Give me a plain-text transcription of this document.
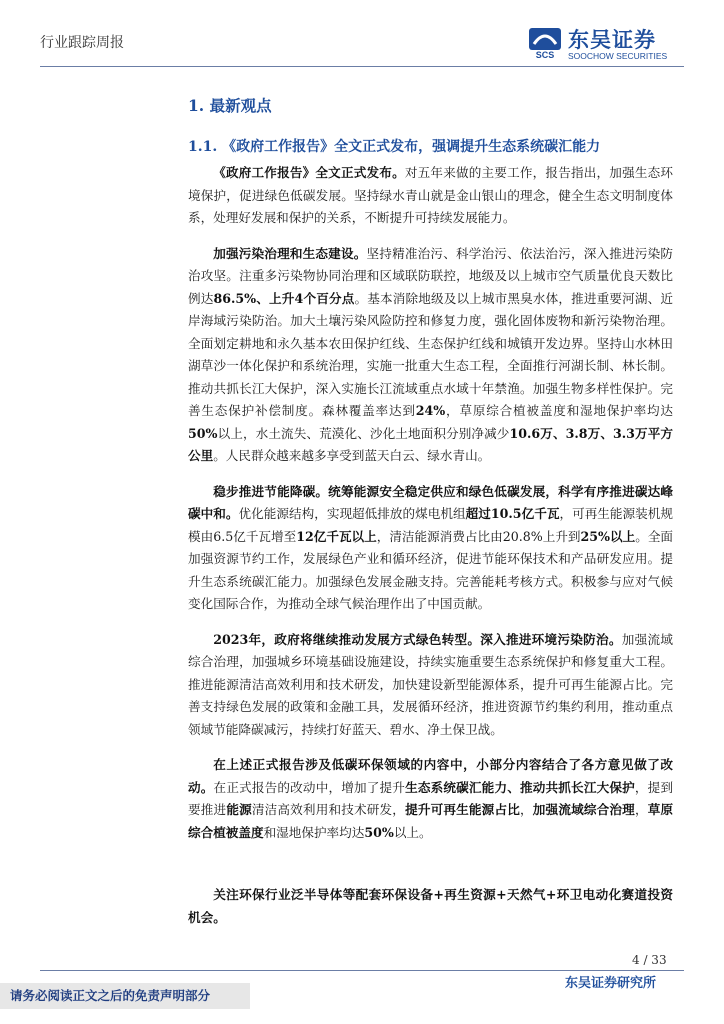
行业跟踪周报
SCS
东吴证券
SOOCHOW SECURITIES
1. 最新观点
1.1. 《政府工作报告》全文正式发布，强调提升生态系统碳汇能力

《政府工作报告》全文正式发布。对五年来做的主要工作，报告指出，加强生态环境保护，促进绿色低碳发展。坚持绿水青山就是金山银山的理念，健全生态文明制度体系，处理好发展和保护的关系，不断提升可持续发展能力。

加强污染治理和生态建设。坚持精准治污、科学治污、依法治污，深入推进污染防治攻坚。注重多污染物协同治理和区域联防联控，地级及以上城市空气质量优良天数比例达86.5%、上升4个百分点。基本消除地级及以上城市黑臭水体，推进重要河湖、近岸海域污染防治。加大土壤污染风险防控和修复力度，强化固体废物和新污染物治理。全面划定耕地和永久基本农田保护红线、生态保护红线和城镇开发边界。坚持山水林田湖草沙一体化保护和系统治理，实施一批重大生态工程，全面推行河湖长制、林长制。推动共抓长江大保护，深入实施长江流域重点水域十年禁渔。加强生物多样性保护。完善生态保护补偿制度。森林覆盖率达到24%，草原综合植被盖度和湿地保护率均达50%以上，水土流失、荒漠化、沙化土地面积分别净减少10.6万、3.8万、3.3万平方公里。人民群众越来越多享受到蓝天白云、绿水青山。

稳步推进节能降碳。统筹能源安全稳定供应和绿色低碳发展，科学有序推进碳达峰碳中和。优化能源结构，实现超低排放的煤电机组超过10.5亿千瓦，可再生能源装机规模由6.5亿千瓦增至12亿千瓦以上，清洁能源消费占比由20.8%上升到25%以上。全面加强资源节约工作，发展绿色产业和循环经济，促进节能环保技术和产品研发应用。提升生态系统碳汇能力。加强绿色发展金融支持。完善能耗考核方式。积极参与应对气候变化国际合作，为推动全球气候治理作出了中国贡献。

2023年，政府将继续推动发展方式绿色转型。深入推进环境污染防治。加强流域综合治理，加强城乡环境基础设施建设，持续实施重要生态系统保护和修复重大工程。推进能源清洁高效利用和技术研发，加快建设新型能源体系，提升可再生能源占比。完善支持绿色发展的政策和金融工具，发展循环经济，推进资源节约集约利用，推动重点领域节能降碳减污，持续打好蓝天、碧水、净土保卫战。

在上述正式报告涉及低碳环保领域的内容中，小部分内容结合了各方意见做了改动。在正式报告的改动中，增加了提升生态系统碳汇能力、推动共抓长江大保护，提到要推进能源清洁高效利用和技术研发，提升可再生能源占比，加强流域综合治理，草原综合植被盖度和湿地保护率均达50%以上。

关注环保行业泛半导体等配套环保设备+再生资源+天然气+环卫电动化赛道投资机会。

4 / 33
东吴证券研究所
请务必阅读正文之后的免责声明部分
